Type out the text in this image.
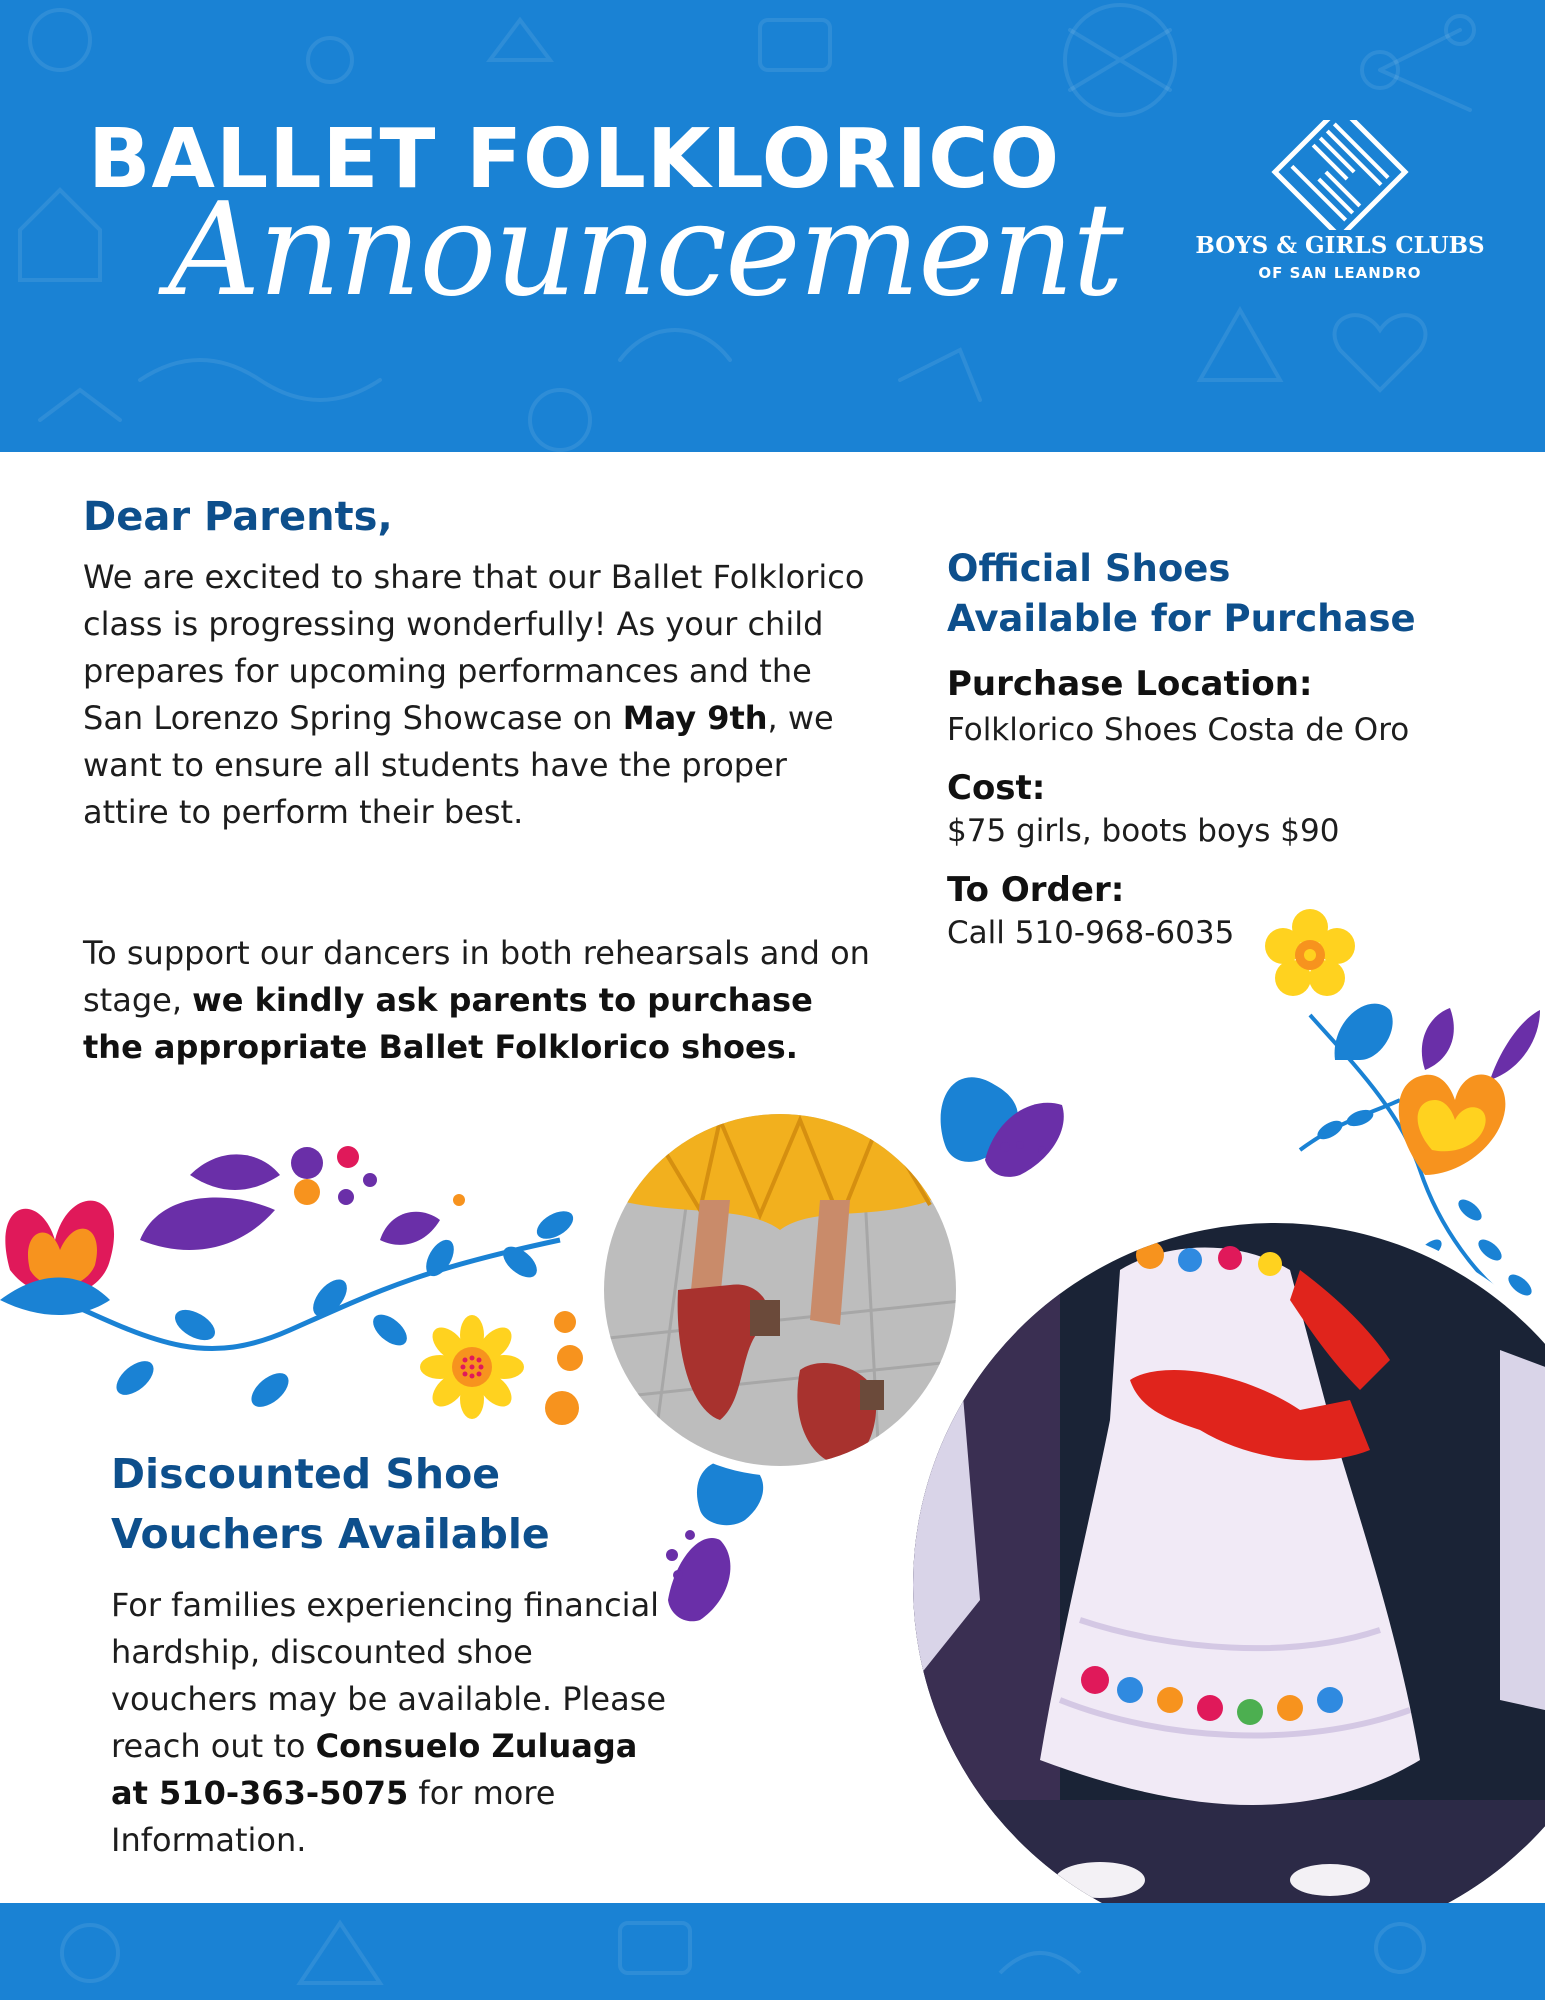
BALLET FOLKLORICO
Announcement	BOYS & GIRLS CLUBS
OF SAN LEANDRO
Dear Parents,
We are excited to share that our Ballet Folklorico class is progressing wonderfully! As your child prepares for upcoming performances and the San Lorenzo Spring Showcase on May 9th, we want to ensure all students have the proper attire to perform their best.
To support our dancers in both rehearsals and on stage, we kindly ask parents to purchase the appropriate Ballet Folklorico shoes.
Official Shoes
Available for Purchase
Purchase Location:
Folklorico Shoes Costa de Oro
Cost:
$75 girls, boots boys $90
To Order:
Call 510-968-6035
Discounted Shoe
Vouchers Available
For families experiencing financial hardship, discounted shoe vouchers may be available. Please reach out to Consuelo Zuluaga at 510-363-5075 for more Information.
